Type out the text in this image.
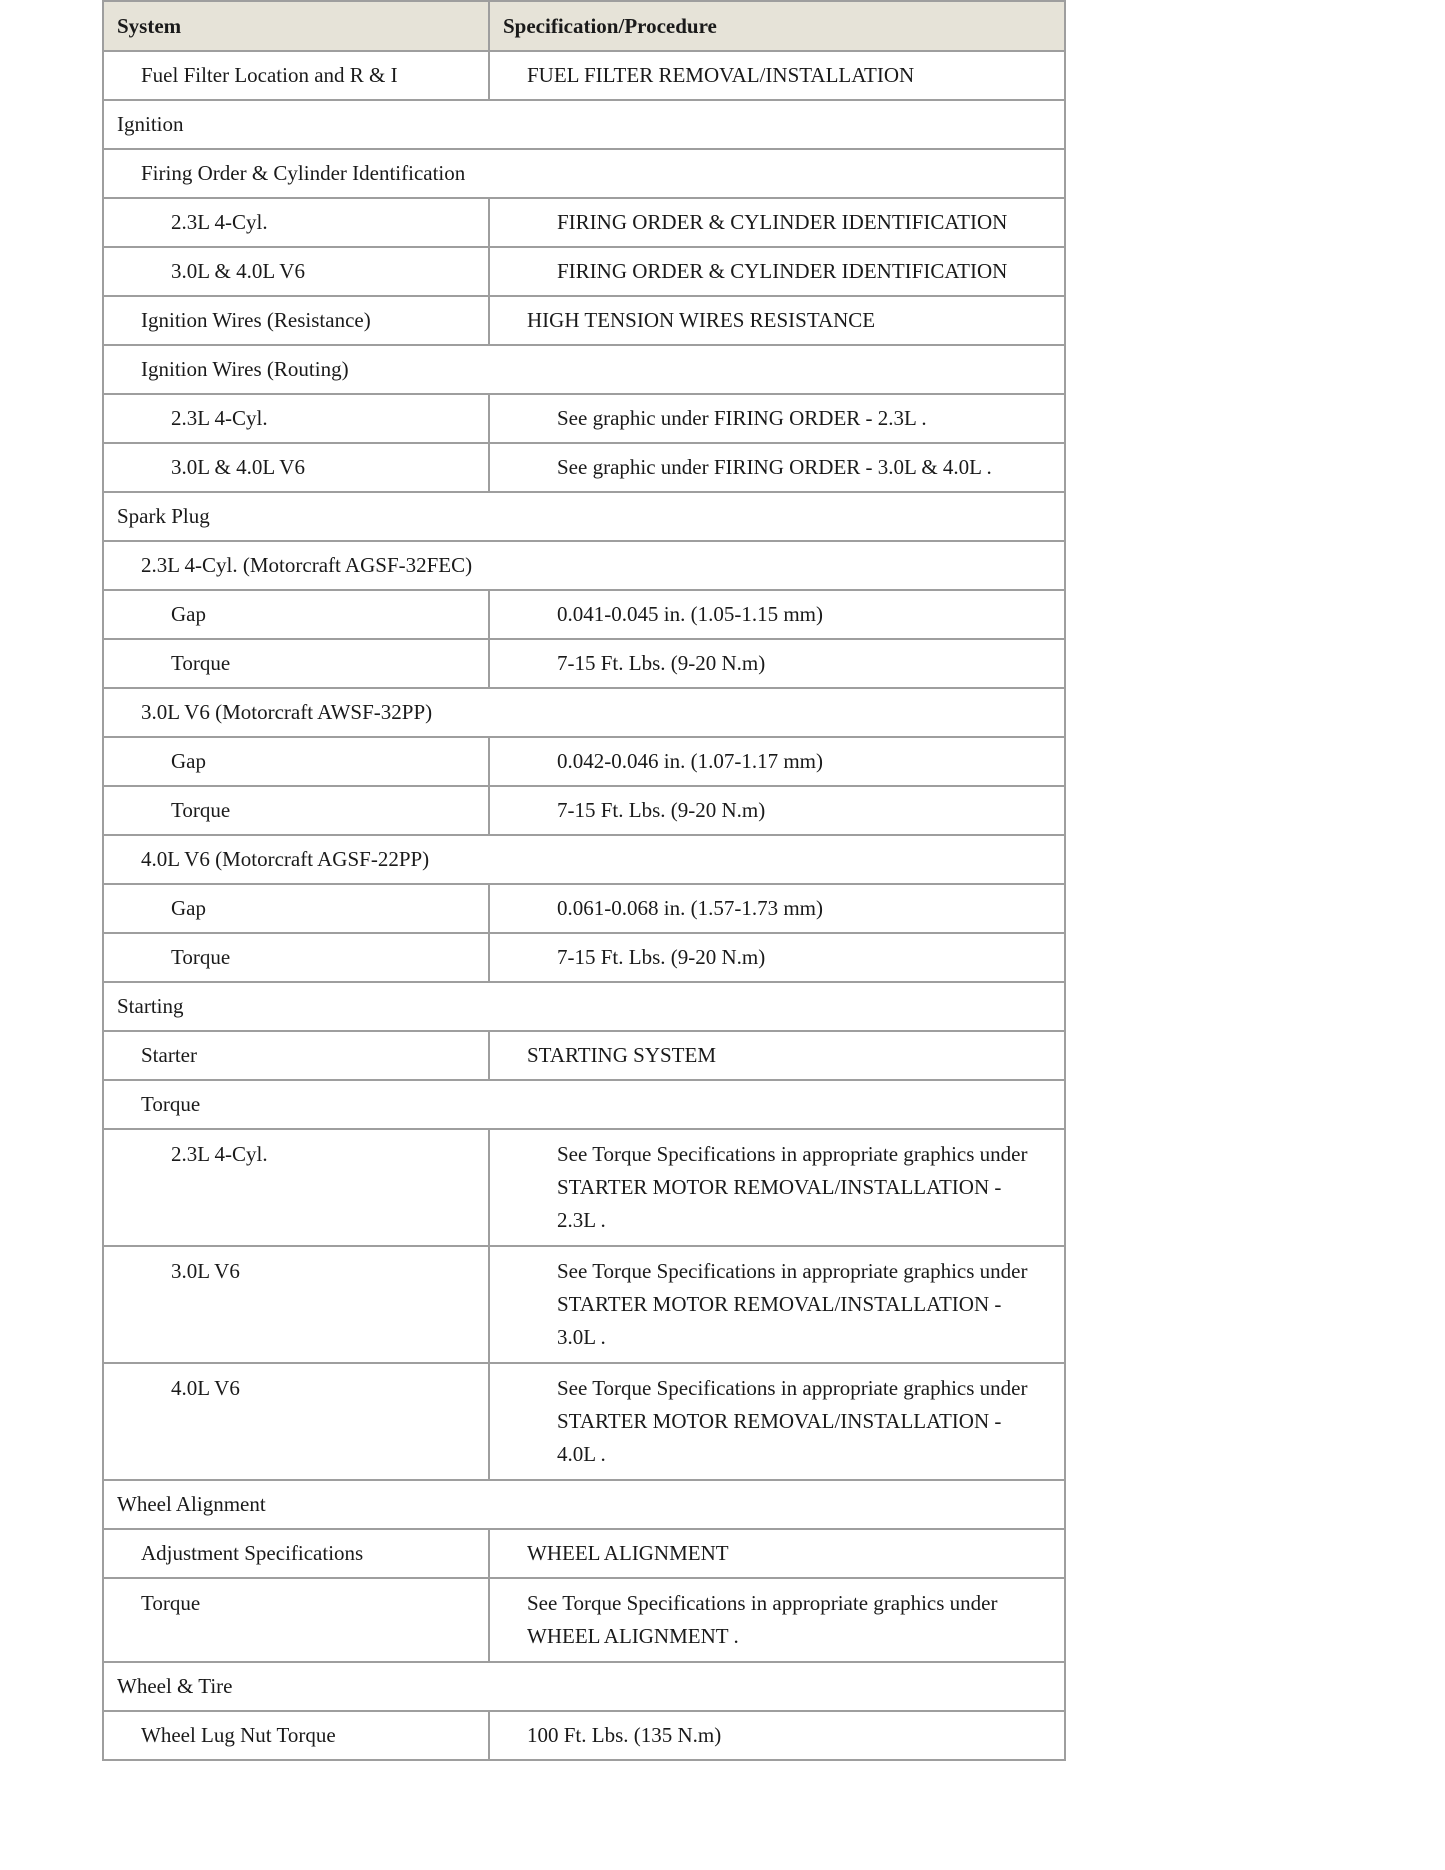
System	Specification/Procedure
Fuel Filter Location and R & I	FUEL FILTER REMOVAL/INSTALLATION
Ignition	
Firing Order & Cylinder Identification	
2.3L 4-Cyl.	FIRING ORDER & CYLINDER IDENTIFICATION
3.0L & 4.0L V6	FIRING ORDER & CYLINDER IDENTIFICATION
Ignition Wires (Resistance)	HIGH TENSION WIRES RESISTANCE
Ignition Wires (Routing)	
2.3L 4-Cyl.	See graphic under FIRING ORDER - 2.3L .
3.0L & 4.0L V6	See graphic under FIRING ORDER - 3.0L & 4.0L .
Spark Plug	
2.3L 4-Cyl. (Motorcraft AGSF-32FEC)	
Gap	0.041-0.045 in. (1.05-1.15 mm)
Torque	7-15 Ft. Lbs. (9-20 N.m)
3.0L V6 (Motorcraft AWSF-32PP)	
Gap	0.042-0.046 in. (1.07-1.17 mm)
Torque	7-15 Ft. Lbs. (9-20 N.m)
4.0L V6 (Motorcraft AGSF-22PP)	
Gap	0.061-0.068 in. (1.57-1.73 mm)
Torque	7-15 Ft. Lbs. (9-20 N.m)
Starting	
Starter	STARTING SYSTEM
Torque	
2.3L 4-Cyl.	See Torque Specifications in appropriate graphics under STARTER MOTOR REMOVAL/INSTALLATION - 2.3L .
3.0L V6	See Torque Specifications in appropriate graphics under STARTER MOTOR REMOVAL/INSTALLATION - 3.0L .
4.0L V6	See Torque Specifications in appropriate graphics under STARTER MOTOR REMOVAL/INSTALLATION - 4.0L .
Wheel Alignment	
Adjustment Specifications	WHEEL ALIGNMENT
Torque	See Torque Specifications in appropriate graphics under WHEEL ALIGNMENT .
Wheel & Tire	
Wheel Lug Nut Torque	100 Ft. Lbs. (135 N.m)
